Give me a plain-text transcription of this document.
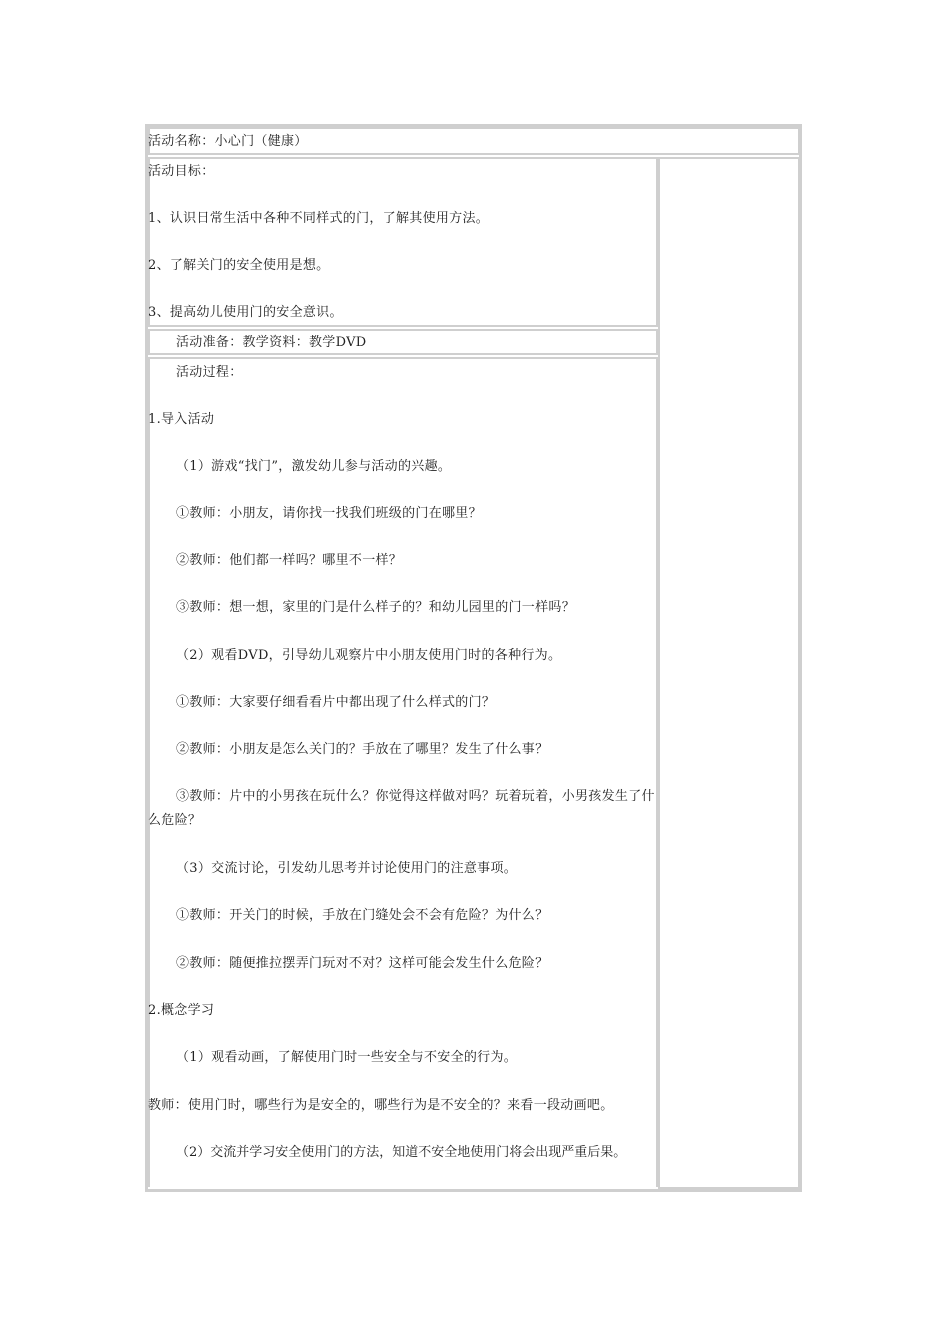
活动名称：小心门（健康）
活动目标：
1、认识日常生活中各种不同样式的门，了解其使用方法。
2、了解关门的安全使用是想。
3、提高幼儿使用门的安全意识。
活动准备：教学资料：教学DVD
活动过程：
1.导入活动
（1）游戏“找门”，激发幼儿参与活动的兴趣。
①教师：小朋友，请你找一找我们班级的门在哪里？
②教师：他们都一样吗？哪里不一样？
③教师：想一想，家里的门是什么样子的？和幼儿园里的门一样吗？
（2）观看DVD，引导幼儿观察片中小朋友使用门时的各种行为。
①教师：大家要仔细看看片中都出现了什么样式的门？
②教师：小朋友是怎么关门的？手放在了哪里？发生了什么事？
③教师：片中的小男孩在玩什么？你觉得这样做对吗？玩着玩着，小男孩发生了什么危险？
（3）交流讨论，引发幼儿思考并讨论使用门的注意事项。
①教师：开关门的时候，手放在门缝处会不会有危险？为什么？
②教师：随便推拉摆弄门玩对不对？这样可能会发生什么危险？
2.概念学习
（1）观看动画，了解使用门时一些安全与不安全的行为。
教师：使用门时，哪些行为是安全的，哪些行为是不安全的？来看一段动画吧。
（2）交流并学习安全使用门的方法，知道不安全地使用门将会出现严重后果。
